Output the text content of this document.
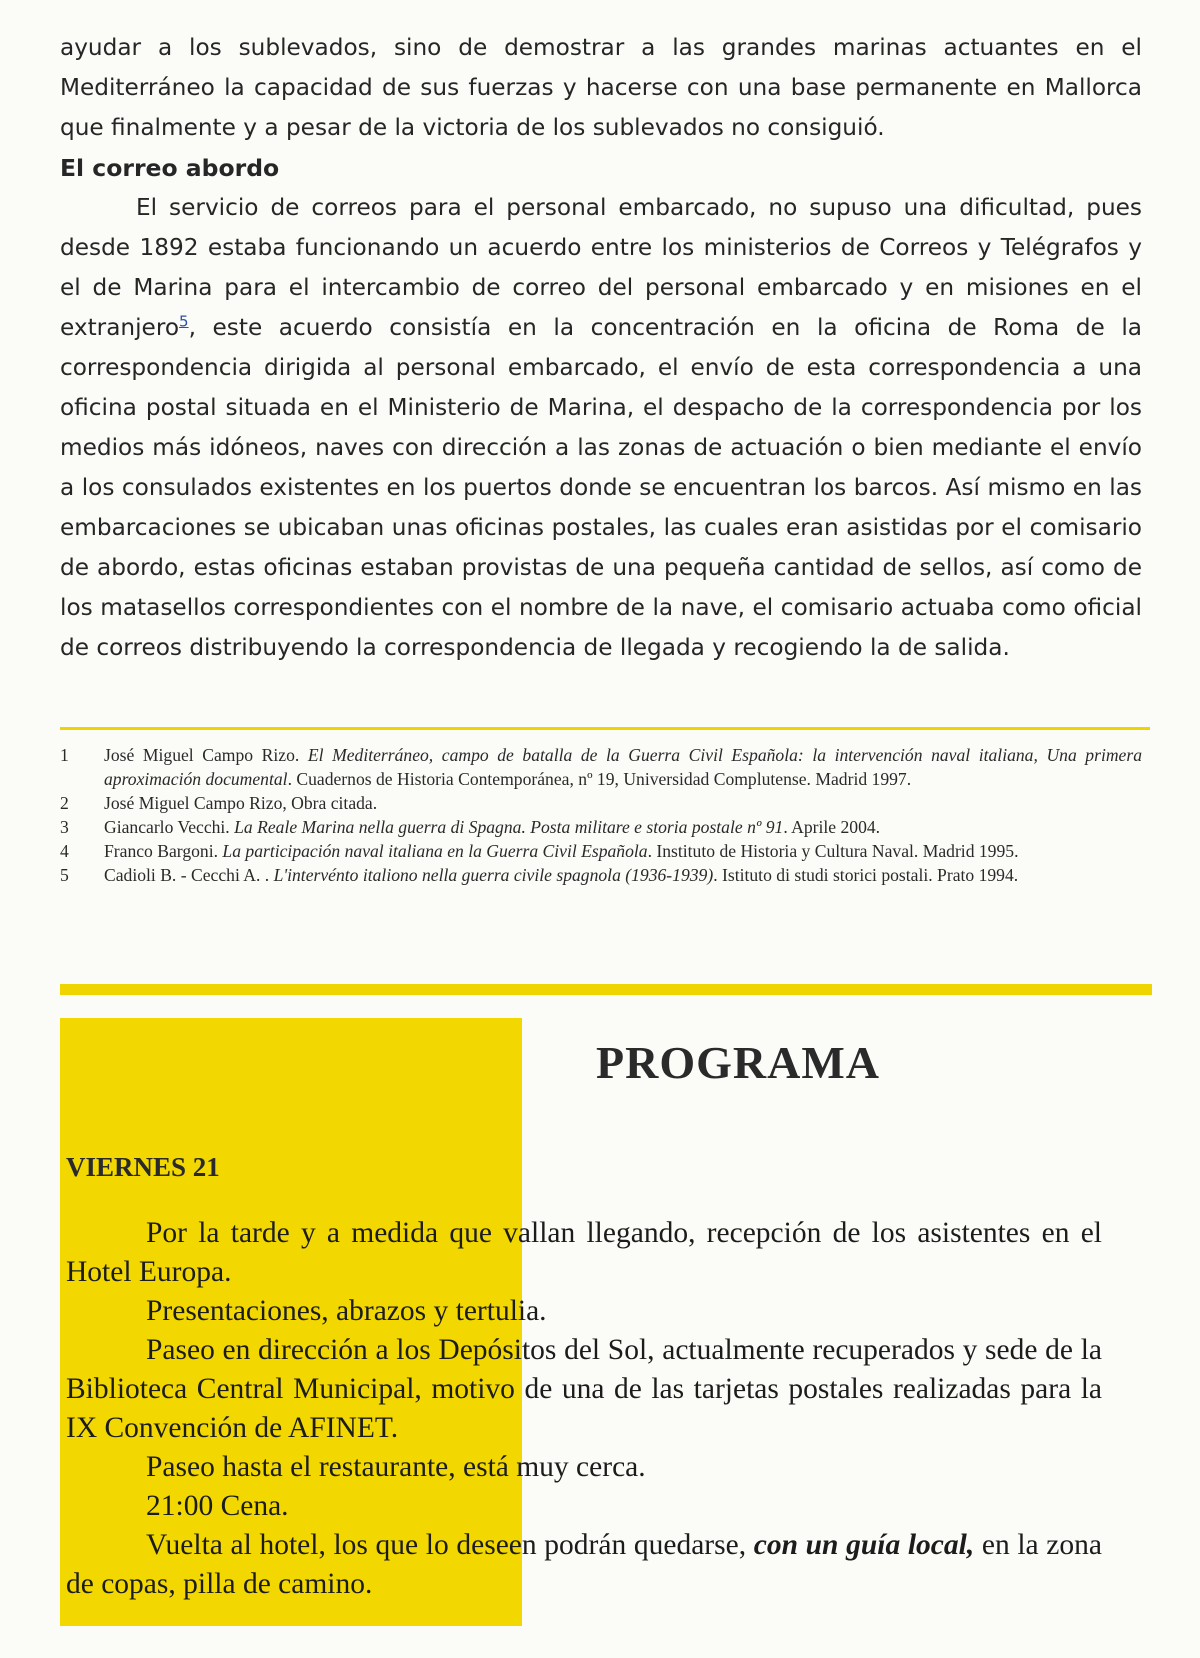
ayudar a los sublevados, sino de demostrar a las grandes marinas actuantes en el Mediterráneo la capacidad de sus fuerzas y hacerse con una base permanente en Mallorca que finalmente y a pesar de la victoria de los sublevados no consiguió.

El correo abordo

El servicio de correos para el personal embarcado, no supuso una dificultad, pues desde 1892 estaba funcionando un acuerdo entre los ministerios de Correos y Telégrafos y el de Marina para el intercambio de correo del personal embarcado y en misiones en el extranjero$^5$, este acuerdo consistía en la concentración en la oficina de Roma de la correspondencia dirigida al personal embarcado, el envío de esta correspondencia a una oficina postal situada en el Ministerio de Marina, el despacho de la correspondencia por los medios más idóneos, naves con dirección a las zonas de actuación o bien mediante el envío a los consulados existentes en los puertos donde se encuentran los barcos. Así mismo en las embarcaciones se ubicaban unas oficinas postales, las cuales eran asistidas por el comisario de abordo, estas oficinas estaban provistas de una pequeña cantidad de sellos, así como de los matasellos correspondientes con el nombre de la nave, el comisario actuaba como oficial de correos distribuyendo la correspondencia de llegada y recogiendo la de salida.

1	José Miguel Campo Rizo. El Mediterráneo, campo de batalla de la Guerra Civil Española: la intervención naval italiana, Una primera aproximación documental. Cuadernos de Historia Contemporánea, nº 19, Universidad Complutense. Madrid 1997.
2	José Miguel Campo Rizo, Obra citada.
3	Giancarlo Vecchi. La Reale Marina nella guerra di Spagna. Posta militare e storia postale nº 91. Aprile 2004.
4	Franco Bargoni. La participación naval italiana en la Guerra Civil Española. Instituto de Historia y Cultura Naval. Madrid 1995.
5	Cadioli B. - Cecchi A. . L'intervénto italiono nella guerra civile spagnola (1936-1939). Istituto di studi storici postali. Prato 1994.
PROGRAMA
VIERNES 21

Por la tarde y a medida que vallan llegando, recepción de los asistentes en el Hotel Europa.

Presentaciones, abrazos y tertulia.

Paseo en dirección a los Depósitos del Sol, actualmente recuperados y sede de la Biblioteca Central Municipal, motivo de una de las tarjetas postales realizadas para la IX Convención de AFINET.

Paseo hasta el restaurante, está muy cerca.

21:00 Cena.

Vuelta al hotel, los que lo deseen podrán quedarse, con un guía local, en la zona de copas, pilla de camino.
